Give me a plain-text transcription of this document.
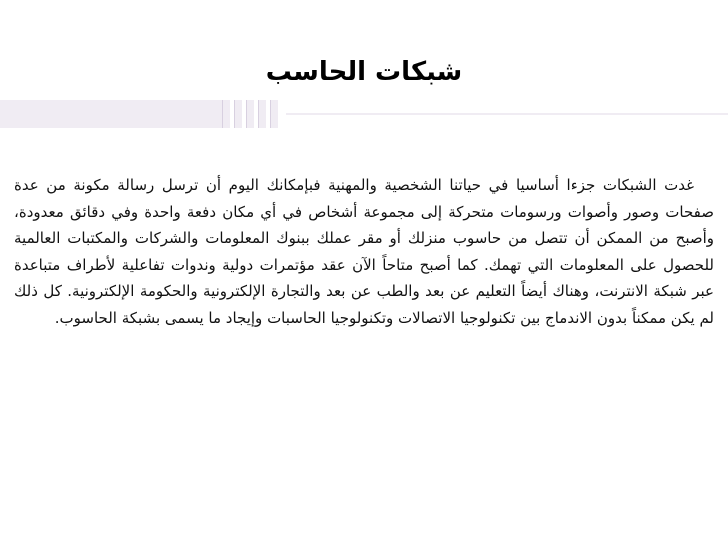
شبكات الحاسب

غدت الشبكات جزءا أساسيا في حياتنا الشخصية والمهنية فبإمكانك اليوم أن ترسل رسالة مكونة من عدة صفحات وصور وأصوات ورسومات متحركة إلى مجموعة أشخاص في أي مكان دفعة واحدة وفي دقائق معدودة، وأصبح من الممكن أن تتصل من حاسوب منزلك أو مقر عملك ببنوك المعلومات والشركات والمكتبات العالمية للحصول على المعلومات التي تهمك. كما أصبح متاحاً الآن عقد مؤتمرات دولية وندوات تفاعلية لأطراف متباعدة عبر شبكة الانترنت، وهناك أيضاً التعليم عن بعد والطب عن بعد والتجارة الإلكترونية والحكومة الإلكترونية. كل ذلك لم يكن ممكناً بدون الاندماج بين تكنولوجيا الاتصالات وتكنولوجيا الحاسبات وإيجاد ما يسمى بشبكة الحاسوب.
